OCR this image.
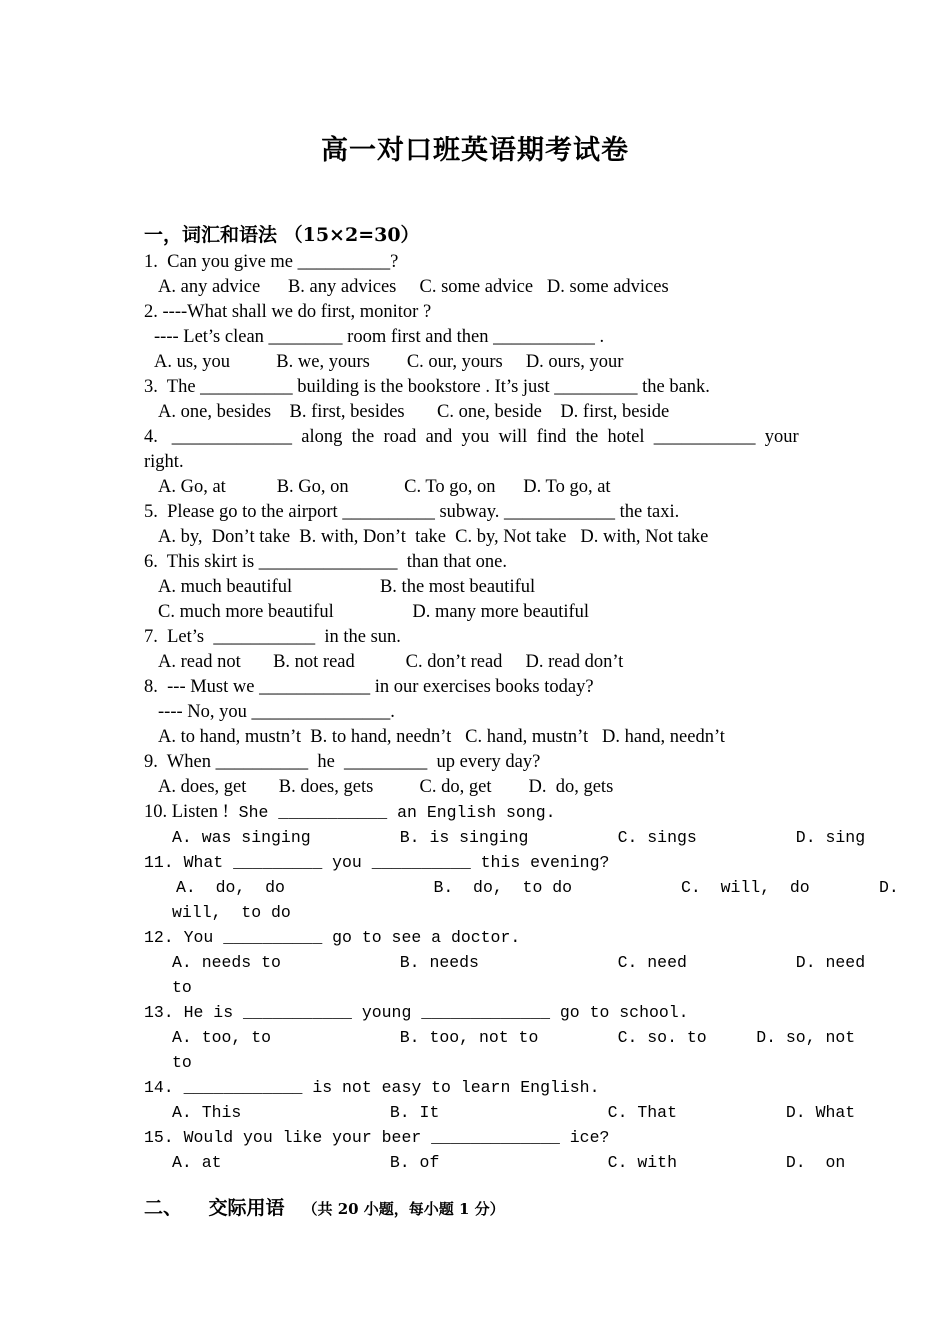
高一对口班英语期考试卷
一，词汇和语法 （15×2=30）
1.  Can you give me __________?
A. any advice      B. any advices     C. some advice   D. some advices
2. ----What shall we do first, monitor ?
---- Let’s clean ________ room first and then ___________ .
A. us, you          B. we, yours        C. our, yours     D. ours, your
3.  The __________ building is the bookstore . It’s just _________ the bank.
A. one, besides    B. first, besides       C. one, beside    D. first, beside
4.   _____________  along  the  road  and  you  will  find  the  hotel  ___________  your
right.
A. Go, at           B. Go, on            C. To go, on      D. To go, at
5.  Please go to the airport __________ subway. ____________ the taxi.
A. by,  Don’t take  B. with, Don’t  take  C. by, Not take   D. with, Not take
6.  This skirt is _______________  than that one.
A. much beautiful                   B. the most beautiful
C. much more beautiful                 D. many more beautiful
7.  Let’s  ___________  in the sun.
A. read not       B. not read           C. don’t read     D. read don’t
8.  --- Must we ____________ in our exercises books today?
---- No, you _______________.
A. to hand, mustn’t  B. to hand, needn’t   C. hand, mustn’t   D. hand, needn’t
9.  When __________  he  _________  up every day?
A. does, get       B. does, gets          C. do, get        D.  do, gets
10. Listen ! She ___________ an English song.
A. was singing         B. is singing         C. sings          D. sing
11. What _________ you __________ this evening?
A.  do,  do               B.  do,  to do           C.  will,  do       D.
will,  to do
12. You __________ go to see a doctor.
A. needs to            B. needs              C. need           D. need
to
13. He is ___________ young _____________ go to school.
A. too, to             B. too, not to        C. so. to     D. so, not
to
14. ____________ is not easy to learn English.
A. This               B. It                 C. That           D. What
15. Would you like your beer _____________ ice?
A. at                 B. of                 C. with           D.  on
二、    交际用语 （共 20 小题，每小题 1 分）
